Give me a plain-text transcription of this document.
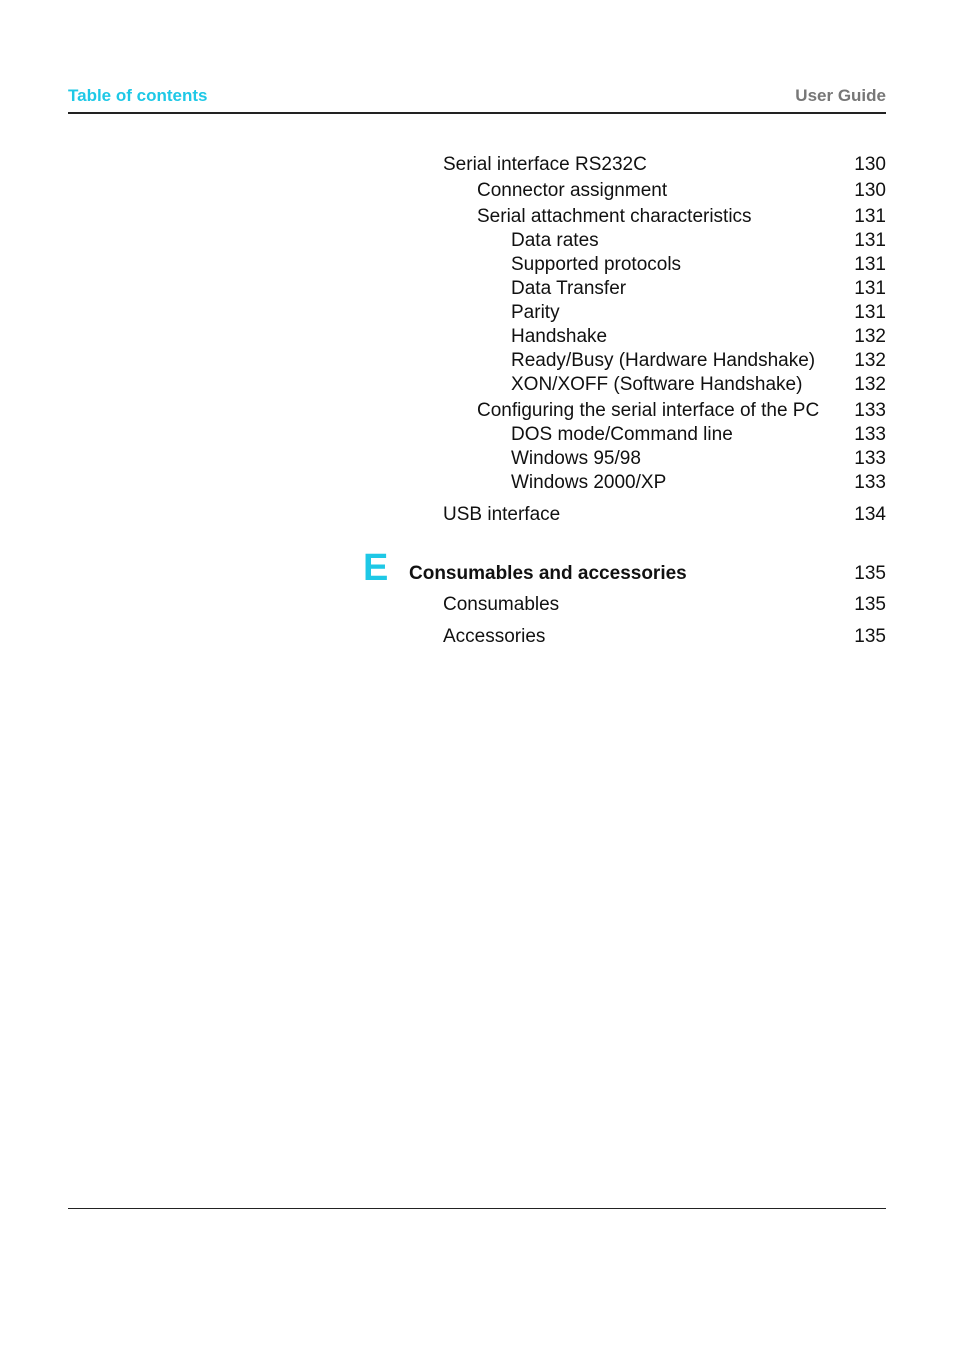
Table of contents	User Guide
Serial interface RS232C	130
Connector assignment	130
Serial attachment characteristics	131
Data rates	131
Supported protocols	131
Data Transfer	131
Parity	131
Handshake	132
Ready/Busy (Hardware Handshake) 132
XON/XOFF (Software Handshake)	132
Configuring the serial interface of the PC 133
DOS mode/Command line	133
Windows 95/98	133
Windows 2000/XP	133
USB interface	134
E Consumables and accessories	135
Consumables	135
Accessories	135
